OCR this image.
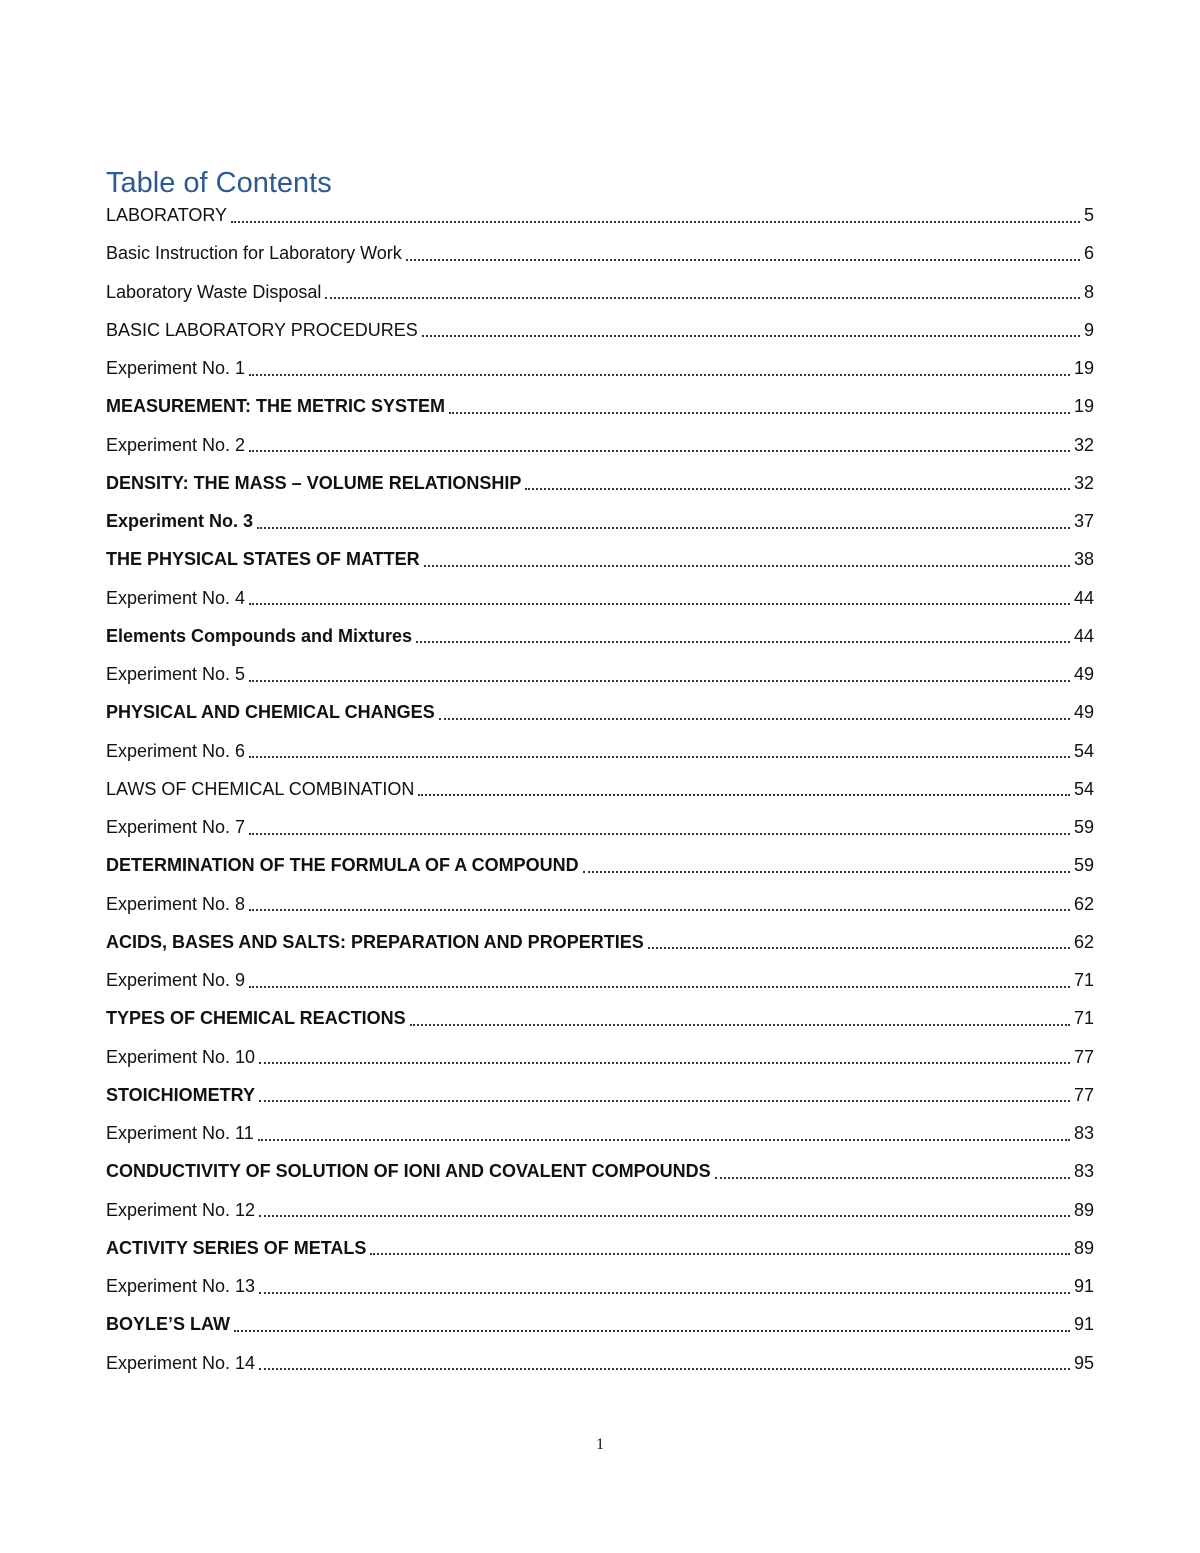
Table of Contents
LABORATORY	5
Basic Instruction for Laboratory Work	6
Laboratory Waste Disposal	8
BASIC LABORATORY PROCEDURES	9
Experiment No. 1	19
MEASUREMENT: THE METRIC SYSTEM	19
Experiment No. 2	32
DENSITY: THE MASS – VOLUME RELATIONSHIP	32
Experiment No. 3	37
THE PHYSICAL STATES OF MATTER	38
Experiment No. 4	44
Elements Compounds and Mixtures	44
Experiment No. 5	49
PHYSICAL AND CHEMICAL CHANGES	49
Experiment No. 6	54
LAWS OF CHEMICAL COMBINATION	54
Experiment No. 7	59
DETERMINATION OF THE FORMULA OF A COMPOUND	59
Experiment No. 8	62
ACIDS, BASES AND SALTS: PREPARATION AND PROPERTIES	62
Experiment No. 9	71
TYPES OF CHEMICAL REACTIONS	71
Experiment No. 10	77
STOICHIOMETRY	77
Experiment No. 11	83
CONDUCTIVITY OF SOLUTION OF IONI AND COVALENT COMPOUNDS	83
Experiment No. 12	89
ACTIVITY SERIES OF METALS	89
Experiment No. 13	91
BOYLE’S LAW	91
Experiment No. 14	95
1
